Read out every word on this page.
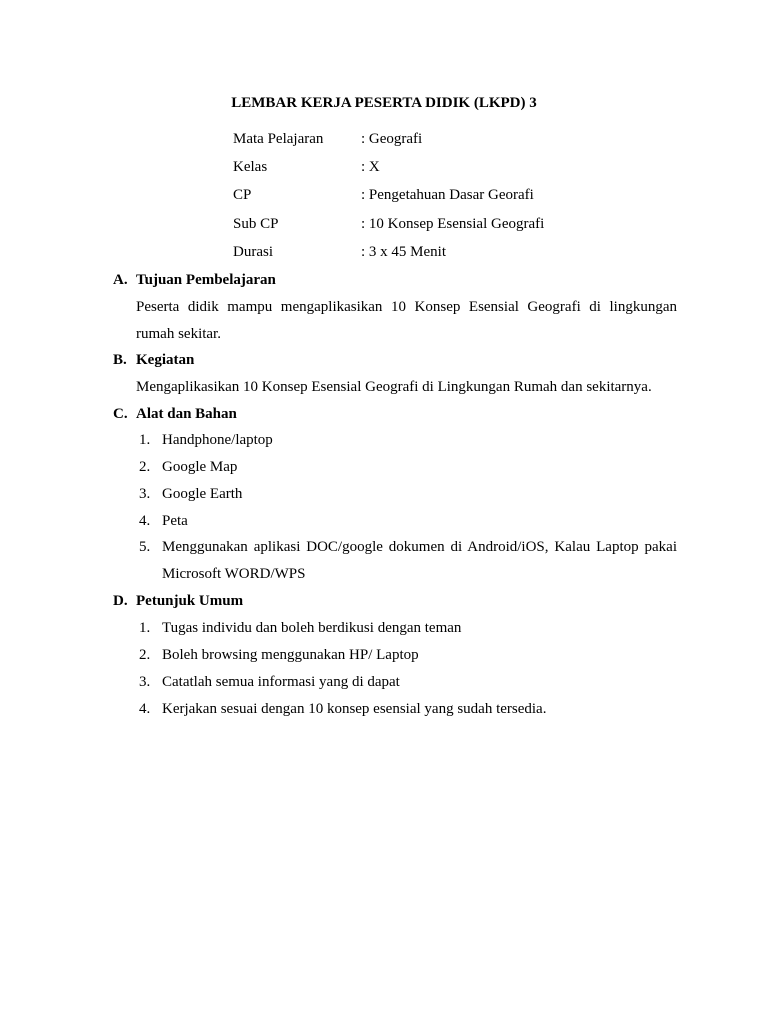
LEMBAR KERJA PESERTA DIDIK (LKPD) 3
Mata Pelajaran	: Geografi
Kelas	: X
CP	: Pengetahuan Dasar Georafi
Sub CP	: 10 Konsep Esensial Geografi
Durasi	: 3 x 45 Menit
A. Tujuan Pembelajaran
Peserta didik mampu mengaplikasikan 10 Konsep Esensial Geografi di lingkungan
rumah sekitar.
B. Kegiatan
Mengaplikasikan 10 Konsep Esensial Geografi di Lingkungan Rumah dan sekitarnya.
C. Alat dan Bahan
1. Handphone/laptop
2. Google Map
3. Google Earth
4. Peta
5. Menggunakan aplikasi DOC/google dokumen di Android/iOS, Kalau Laptop pakai
Microsoft WORD/WPS
D. Petunjuk Umum
1. Tugas individu dan boleh berdikusi dengan teman
2. Boleh browsing menggunakan HP/ Laptop
3. Catatlah semua informasi yang di dapat
4. Kerjakan sesuai dengan 10 konsep esensial yang sudah tersedia.
